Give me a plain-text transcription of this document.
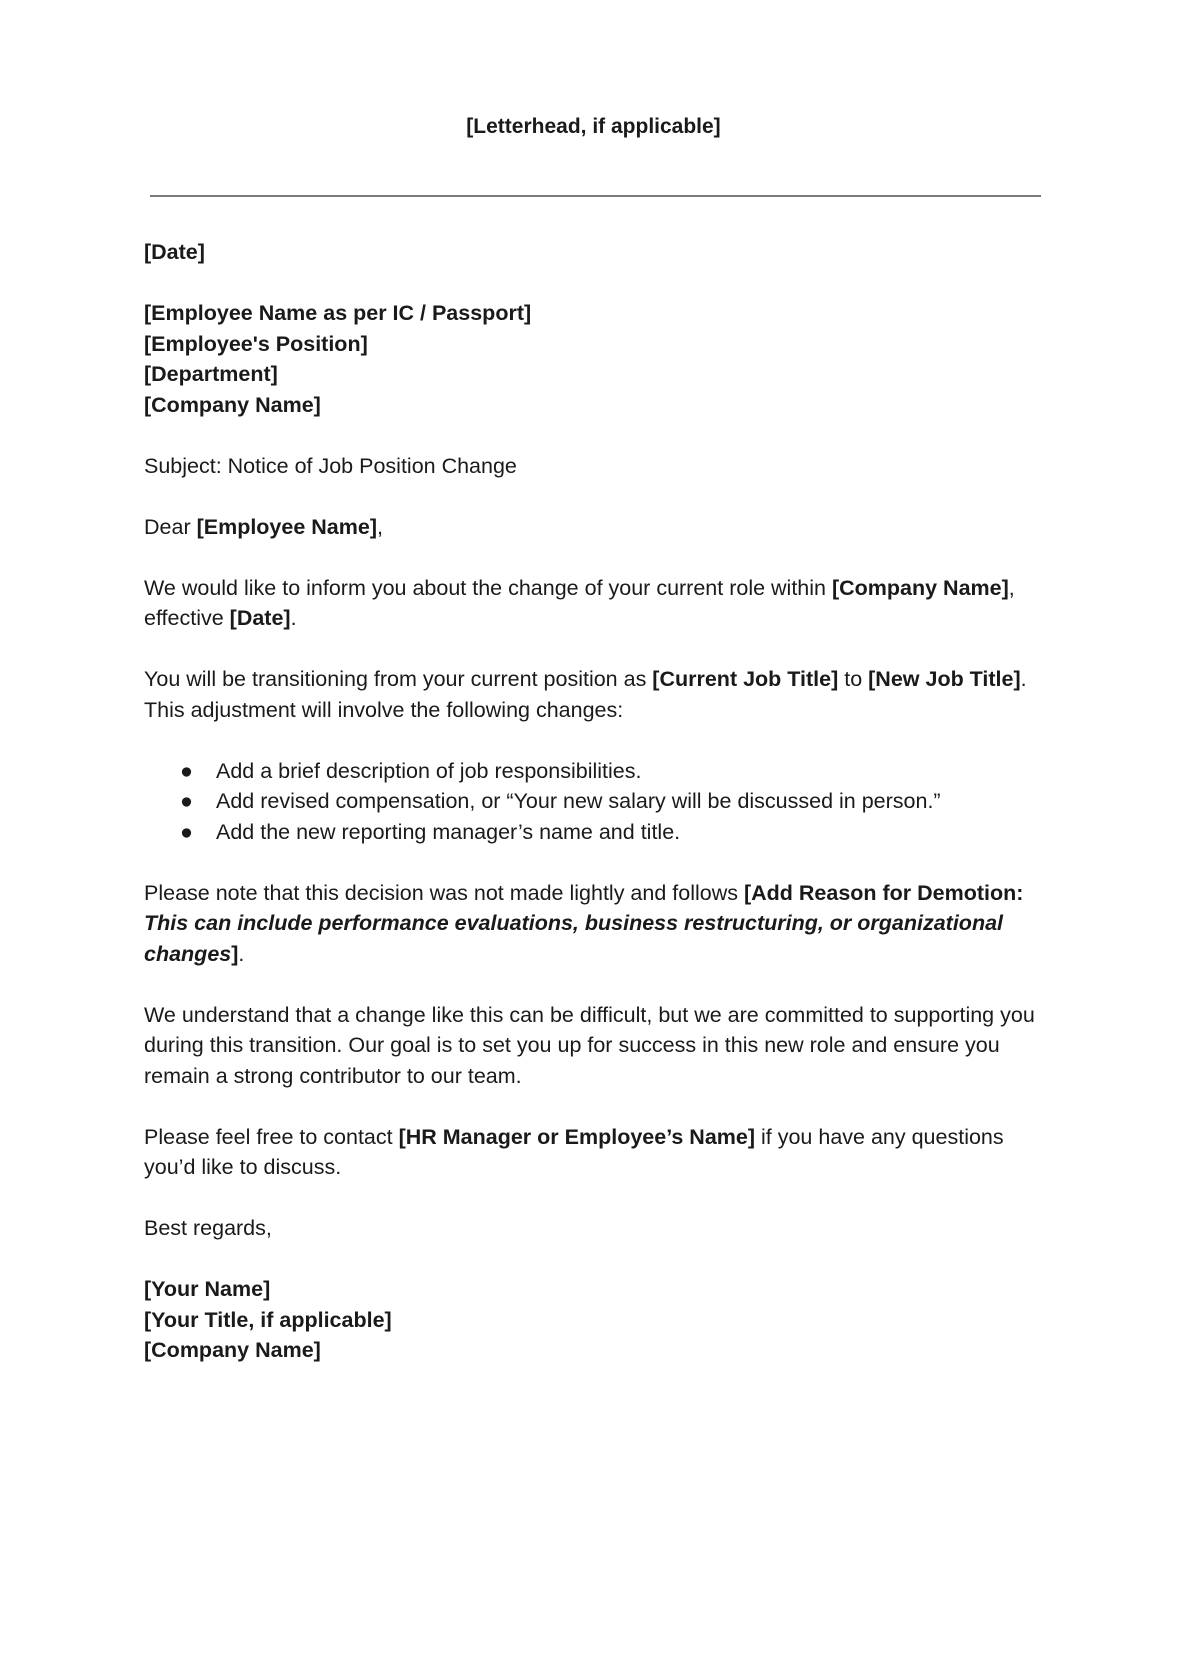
[Letterhead, if applicable]

[Date]

[Employee Name as per IC / Passport]
[Employee's Position]
[Department]
[Company Name]

Subject: Notice of Job Position Change

Dear [Employee Name],

We would like to inform you about the change of your current role within [Company Name], effective [Date].

You will be transitioning from your current position as [Current Job Title] to [New Job Title]. This adjustment will involve the following changes:

● Add a brief description of job responsibilities.
● Add revised compensation, or “Your new salary will be discussed in person.”
● Add the new reporting manager’s name and title.

Please note that this decision was not made lightly and follows [Add Reason for Demotion: This can include performance evaluations, business restructuring, or organizational changes].

We understand that a change like this can be difficult, but we are committed to supporting you during this transition. Our goal is to set you up for success in this new role and ensure you remain a strong contributor to our team.

Please feel free to contact [HR Manager or Employee’s Name] if you have any questions you’d like to discuss.

Best regards,

[Your Name]
[Your Title, if applicable]
[Company Name]
